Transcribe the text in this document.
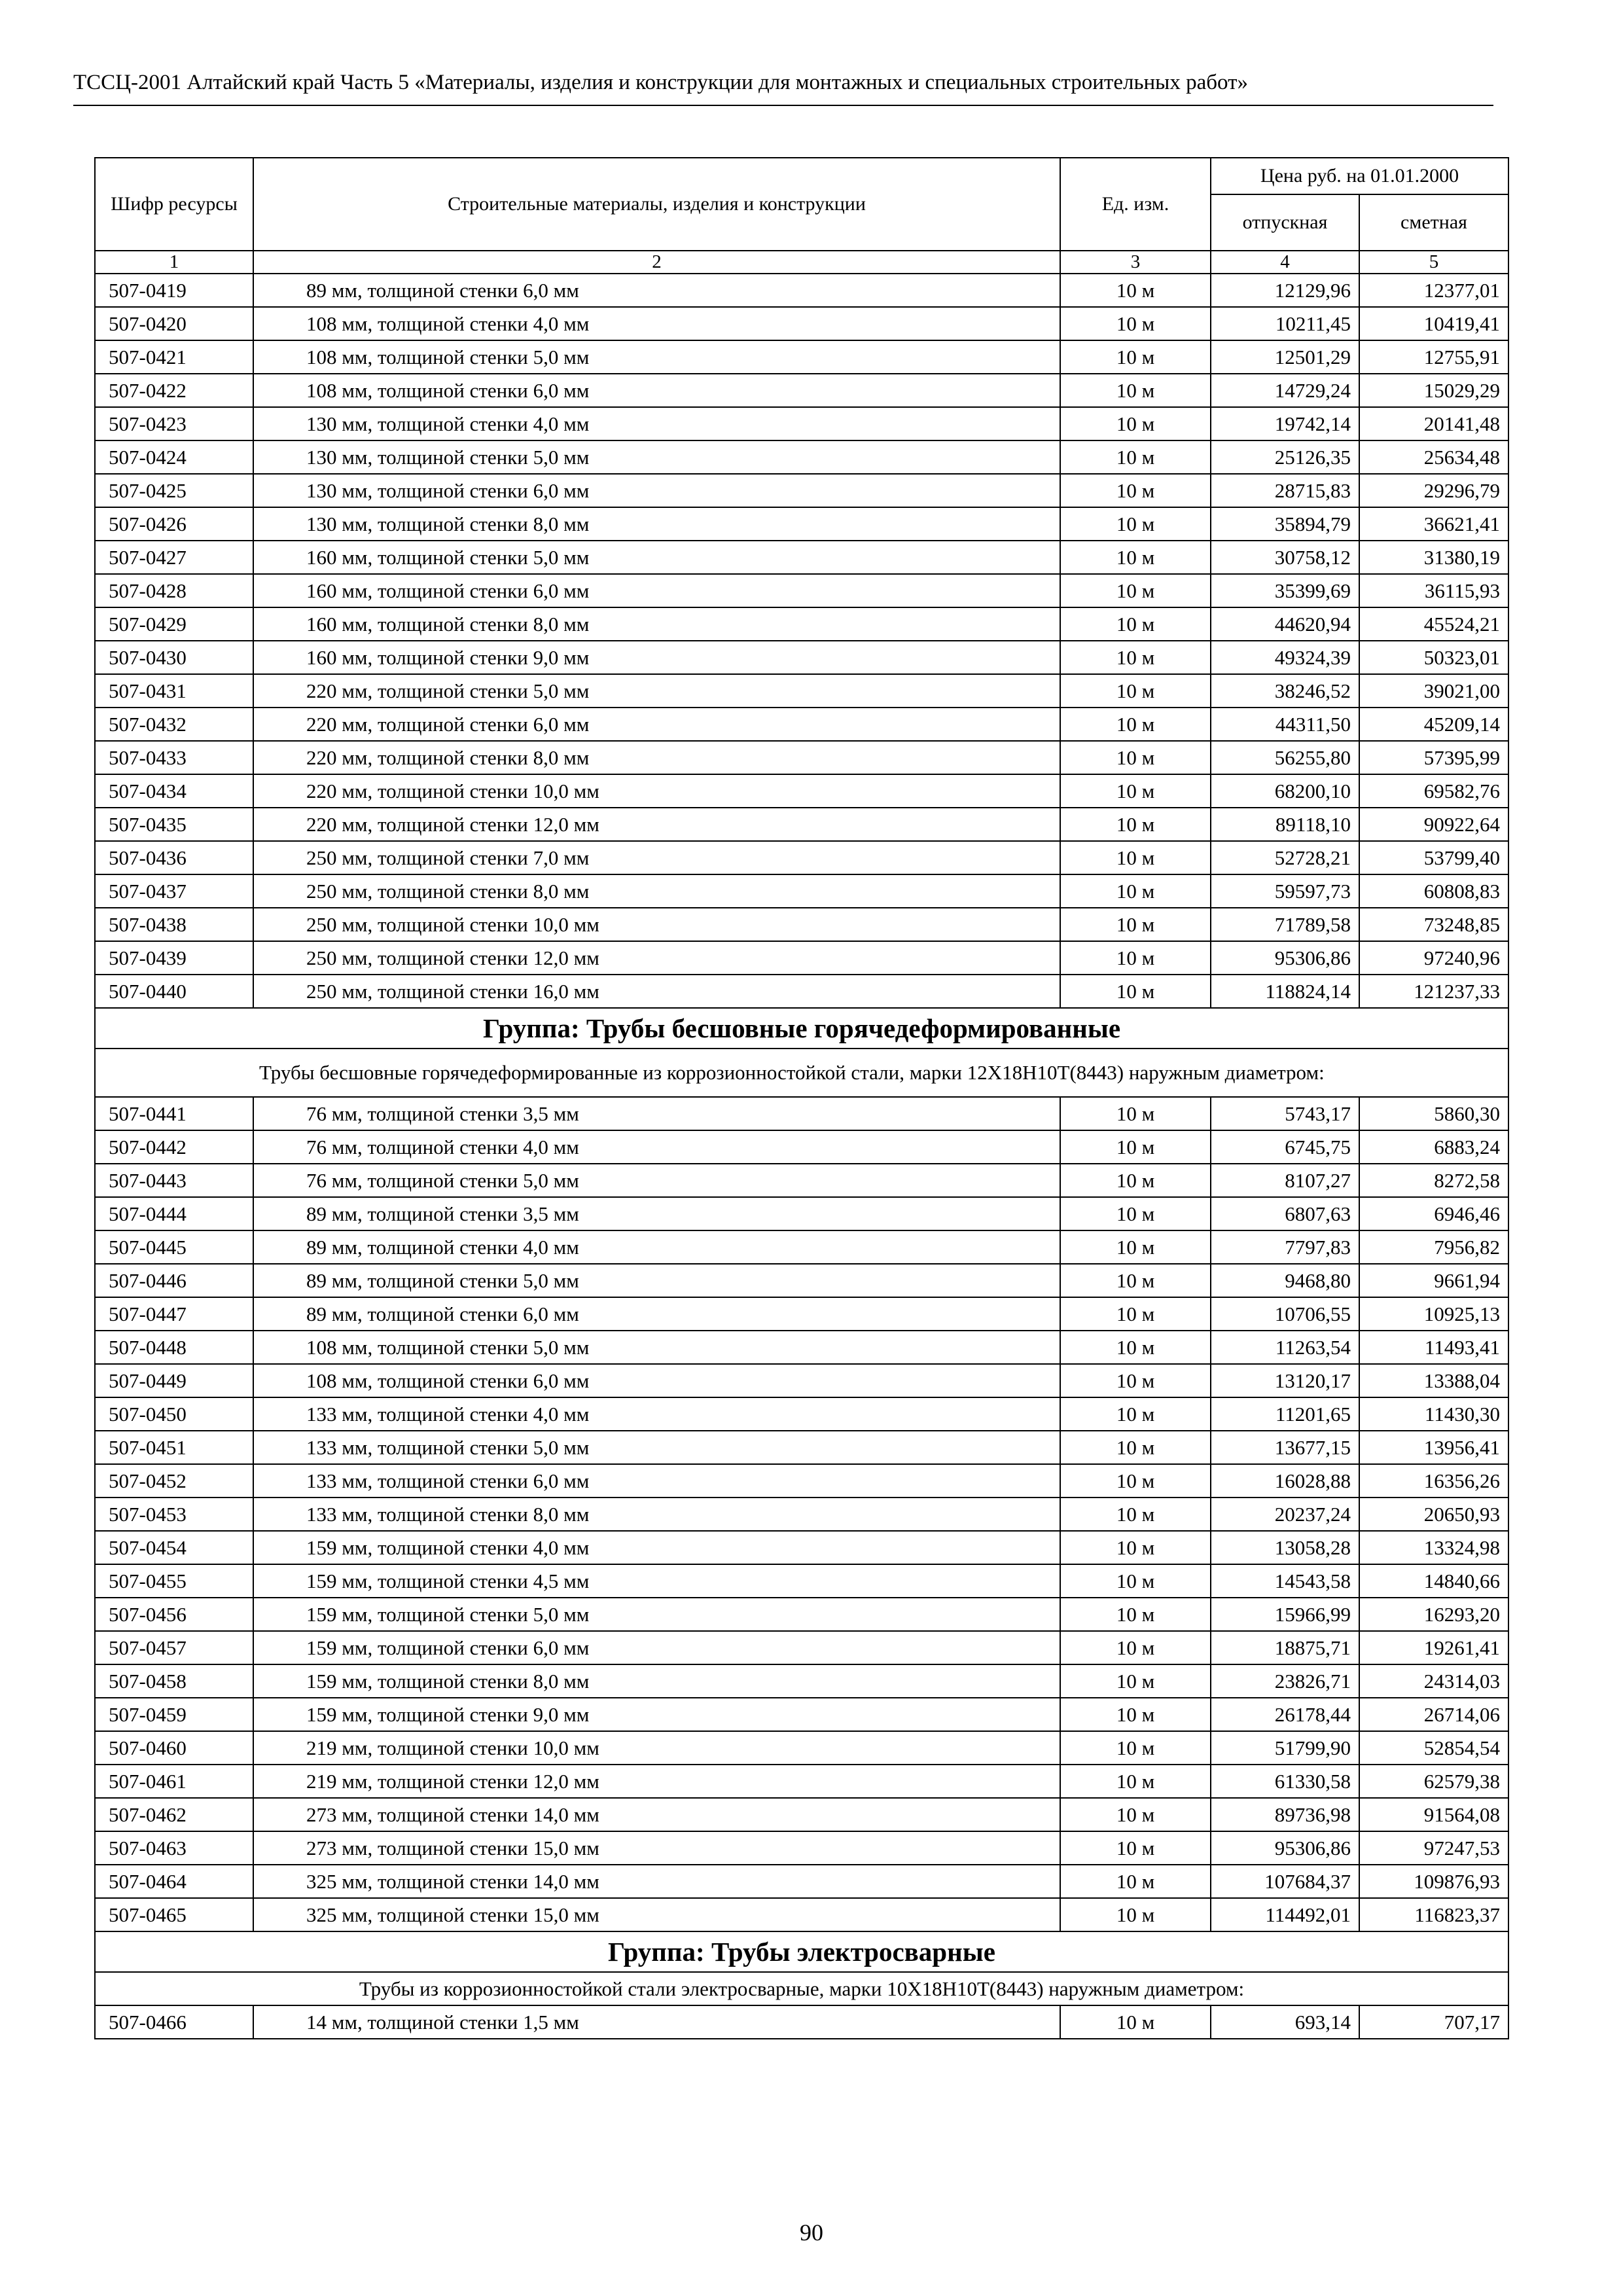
ТССЦ-2001 Алтайский край Часть 5 «Материалы, изделия и конструкции для монтажных и специальных строительных работ»
Шифр ресурсы	Строительные материалы, изделия и конструкции	Ед. изм.	Цена руб. на 01.01.2000	
			отпускная	сметная
1	2	3	4	5
507-0419	89 мм, толщиной стенки 6,0 мм	10 м	12129,96	12377,01
507-0420	108 мм, толщиной стенки 4,0 мм	10 м	10211,45	10419,41
507-0421	108 мм, толщиной стенки 5,0 мм	10 м	12501,29	12755,91
507-0422	108 мм, толщиной стенки 6,0 мм	10 м	14729,24	15029,29
507-0423	130 мм, толщиной стенки 4,0 мм	10 м	19742,14	20141,48
507-0424	130 мм, толщиной стенки 5,0 мм	10 м	25126,35	25634,48
507-0425	130 мм, толщиной стенки 6,0 мм	10 м	28715,83	29296,79
507-0426	130 мм, толщиной стенки 8,0 мм	10 м	35894,79	36621,41
507-0427	160 мм, толщиной стенки 5,0 мм	10 м	30758,12	31380,19
507-0428	160 мм, толщиной стенки 6,0 мм	10 м	35399,69	36115,93
507-0429	160 мм, толщиной стенки 8,0 мм	10 м	44620,94	45524,21
507-0430	160 мм, толщиной стенки 9,0 мм	10 м	49324,39	50323,01
507-0431	220 мм, толщиной стенки 5,0 мм	10 м	38246,52	39021,00
507-0432	220 мм, толщиной стенки 6,0 мм	10 м	44311,50	45209,14
507-0433	220 мм, толщиной стенки 8,0 мм	10 м	56255,80	57395,99
507-0434	220 мм, толщиной стенки 10,0 мм	10 м	68200,10	69582,76
507-0435	220 мм, толщиной стенки 12,0 мм	10 м	89118,10	90922,64
507-0436	250 мм, толщиной стенки 7,0 мм	10 м	52728,21	53799,40
507-0437	250 мм, толщиной стенки 8,0 мм	10 м	59597,73	60808,83
507-0438	250 мм, толщиной стенки 10,0 мм	10 м	71789,58	73248,85
507-0439	250 мм, толщиной стенки 12,0 мм	10 м	95306,86	97240,96
507-0440	250 мм, толщиной стенки 16,0 мм	10 м	118824,14	121237,33
Группа: Трубы бесшовные горячедеформированные				
Трубы бесшовные горячедеформированные из коррозионностойкой стали, марки 12Х18Н10Т(8443) наружным диаметром:				
507-0441	76 мм, толщиной стенки 3,5 мм	10 м	5743,17	5860,30
507-0442	76 мм, толщиной стенки 4,0 мм	10 м	6745,75	6883,24
507-0443	76 мм, толщиной стенки 5,0 мм	10 м	8107,27	8272,58
507-0444	89 мм, толщиной стенки 3,5 мм	10 м	6807,63	6946,46
507-0445	89 мм, толщиной стенки 4,0 мм	10 м	7797,83	7956,82
507-0446	89 мм, толщиной стенки 5,0 мм	10 м	9468,80	9661,94
507-0447	89 мм, толщиной стенки 6,0 мм	10 м	10706,55	10925,13
507-0448	108 мм, толщиной стенки 5,0 мм	10 м	11263,54	11493,41
507-0449	108 мм, толщиной стенки 6,0 мм	10 м	13120,17	13388,04
507-0450	133 мм, толщиной стенки 4,0 мм	10 м	11201,65	11430,30
507-0451	133 мм, толщиной стенки 5,0 мм	10 м	13677,15	13956,41
507-0452	133 мм, толщиной стенки 6,0 мм	10 м	16028,88	16356,26
507-0453	133 мм, толщиной стенки 8,0 мм	10 м	20237,24	20650,93
507-0454	159 мм, толщиной стенки 4,0 мм	10 м	13058,28	13324,98
507-0455	159 мм, толщиной стенки 4,5 мм	10 м	14543,58	14840,66
507-0456	159 мм, толщиной стенки 5,0 мм	10 м	15966,99	16293,20
507-0457	159 мм, толщиной стенки 6,0 мм	10 м	18875,71	19261,41
507-0458	159 мм, толщиной стенки 8,0 мм	10 м	23826,71	24314,03
507-0459	159 мм, толщиной стенки 9,0 мм	10 м	26178,44	26714,06
507-0460	219 мм, толщиной стенки 10,0 мм	10 м	51799,90	52854,54
507-0461	219 мм, толщиной стенки 12,0 мм	10 м	61330,58	62579,38
507-0462	273 мм, толщиной стенки 14,0 мм	10 м	89736,98	91564,08
507-0463	273 мм, толщиной стенки 15,0 мм	10 м	95306,86	97247,53
507-0464	325 мм, толщиной стенки 14,0 мм	10 м	107684,37	109876,93
507-0465	325 мм, толщиной стенки 15,0 мм	10 м	114492,01	116823,37
Группа: Трубы электросварные				
Трубы из коррозионностойкой стали электросварные, марки 10Х18Н10Т(8443) наружным диаметром:				
507-0466	14 мм, толщиной стенки 1,5 мм	10 м	693,14	707,17
90
